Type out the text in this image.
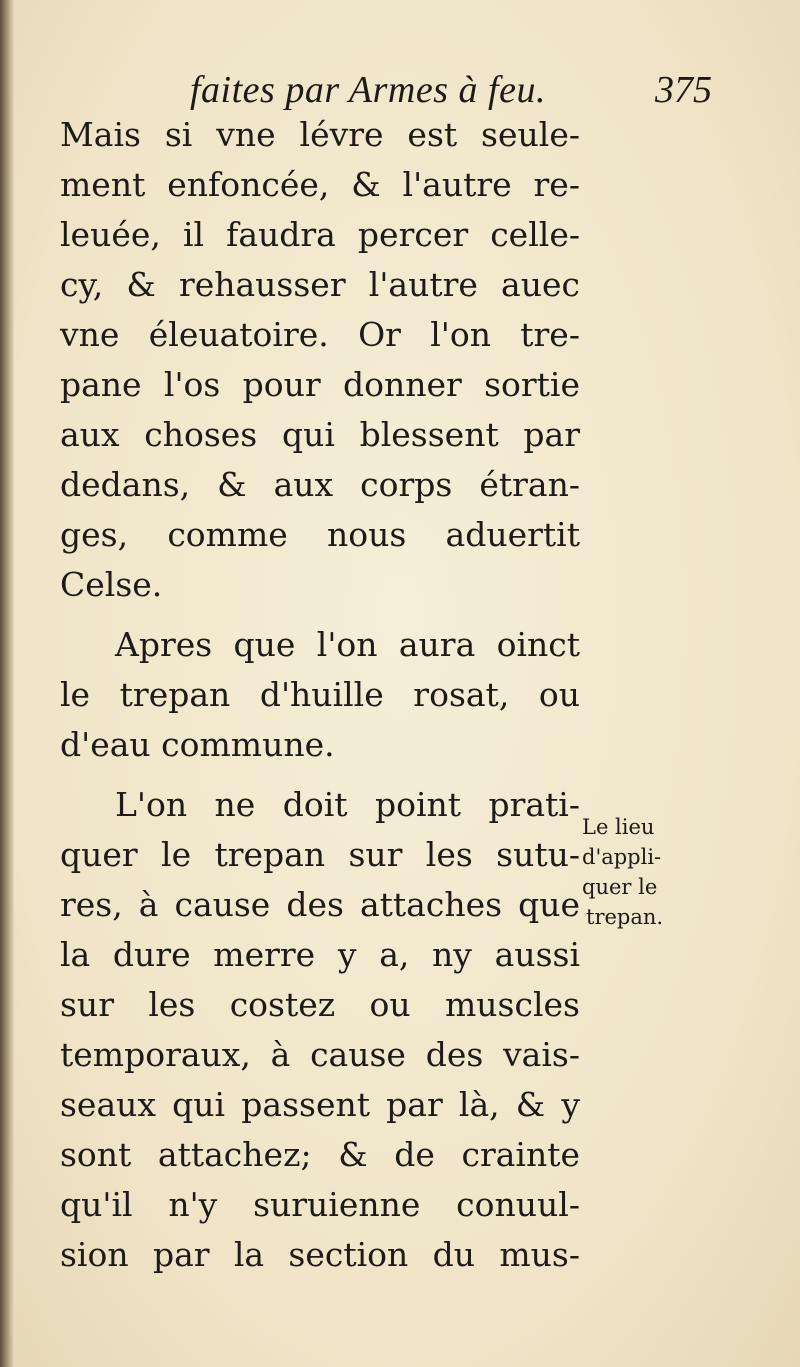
faites par Armes à feu.	375
Mais si vne lévre est seule-
ment enfoncée, & l'autre re-
leuée, il faudra percer celle-
cy, & rehausser l'autre auec
vne éleuatoire. Or l'on tre-
pane l'os pour donner sortie
aux choses qui blessent par
dedans, & aux corps étran-
ges, comme nous aduertit
Celse.
Apres que l'on aura oinct
le trepan d'huille rosat, ou
d'eau commune.
L'on ne doit point prati-
quer le trepan sur les sutu-
res, à cause des attaches que
la dure merre y a, ny aussi
sur les costez ou muscles
temporaux, à cause des vais-
seaux qui passent par là, & y
sont attachez; & de crainte
qu'il n'y suruienne conuul-
sion par la section du mus-
Le lieu
d'appli-
quer le
trepan.
